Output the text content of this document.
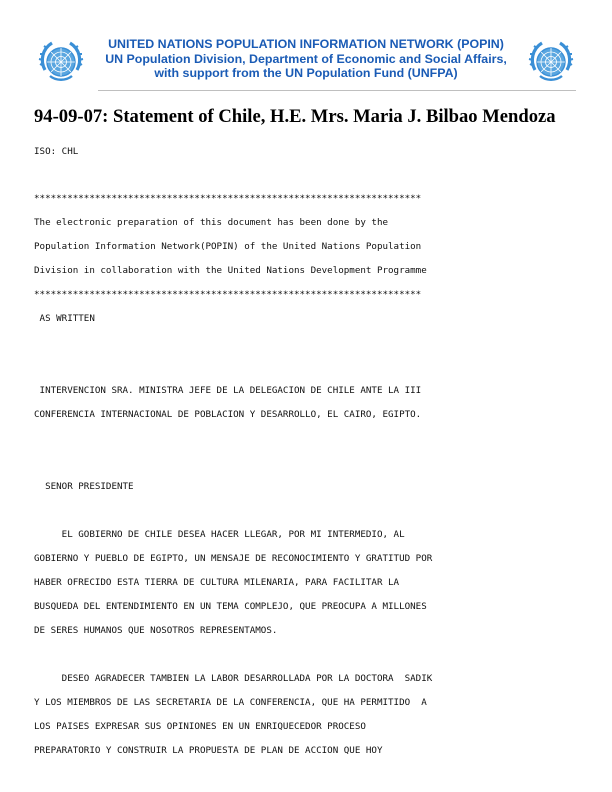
UNITED NATIONS POPULATION INFORMATION NETWORK (POPIN)
UN Population Division, Department of Economic and Social Affairs,
with support from the UN Population Fund (UNFPA)
94-09-07: Statement of Chile, H.E. Mrs. Maria J. Bilbao Mendoza
ISO: CHL
**********************************************************************
The electronic preparation of this document has been done by the
Population Information Network(POPIN) of the United Nations Population
Division in collaboration with the United Nations Development Programme
**********************************************************************
AS WRITTEN
INTERVENCION SRA. MINISTRA JEFE DE LA DELEGACION DE CHILE ANTE LA III
CONFERENCIA INTERNACIONAL DE POBLACION Y DESARROLLO, EL CAIRO, EGIPTO.
SENOR PRESIDENTE
EL GOBIERNO DE CHILE DESEA HACER LLEGAR, POR MI INTERMEDIO, AL
GOBIERNO Y PUEBLO DE EGIPTO, UN MENSAJE DE RECONOCIMIENTO Y GRATITUD POR
HABER OFRECIDO ESTA TIERRA DE CULTURA MILENARIA, PARA FACILITAR LA
BUSQUEDA DEL ENTENDIMIENTO EN UN TEMA COMPLEJO, QUE PREOCUPA A MILLONES
DE SERES HUMANOS QUE NOSOTROS REPRESENTAMOS.
DESEO AGRADECER TAMBIEN LA LABOR DESARROLLADA POR LA DOCTORA  SADIK
Y LOS MIEMBROS DE LAS SECRETARIA DE LA CONFERENCIA, QUE HA PERMITIDO  A
LOS PAISES EXPRESAR SUS OPINIONES EN UN ENRIQUECEDOR PROCESO
PREPARATORIO Y CONSTRUIR LA PROPUESTA DE PLAN DE ACCION QUE HOY
